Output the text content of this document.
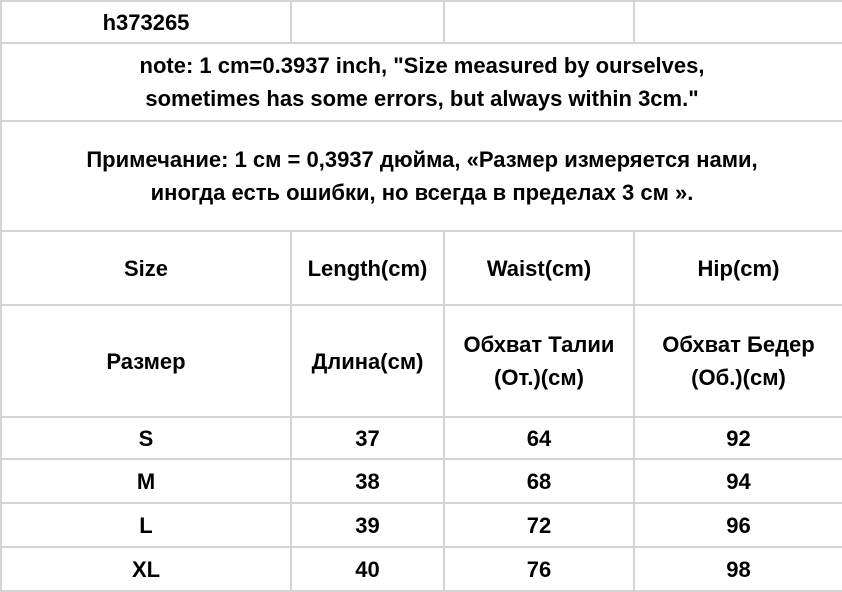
h373265			

note: 1 cm=0.3937 inch, "Size measured by ourselves,
sometimes has some errors, but always within 3cm."			

Примечание: 1 см = 0,3937 дюйма, «Размер измеряется нами,
иногда есть ошибки, но всегда в пределах 3 см ».			

Size	Length(cm)	Waist(cm)	Hip(cm)

Размер	Длина(см)	Обхват Талии
(От.)(см)	Обхват Бедер
(Об.)(см)

S	37	64	92
M	38	68	94
L	39	72	96
XL	40	76	98
